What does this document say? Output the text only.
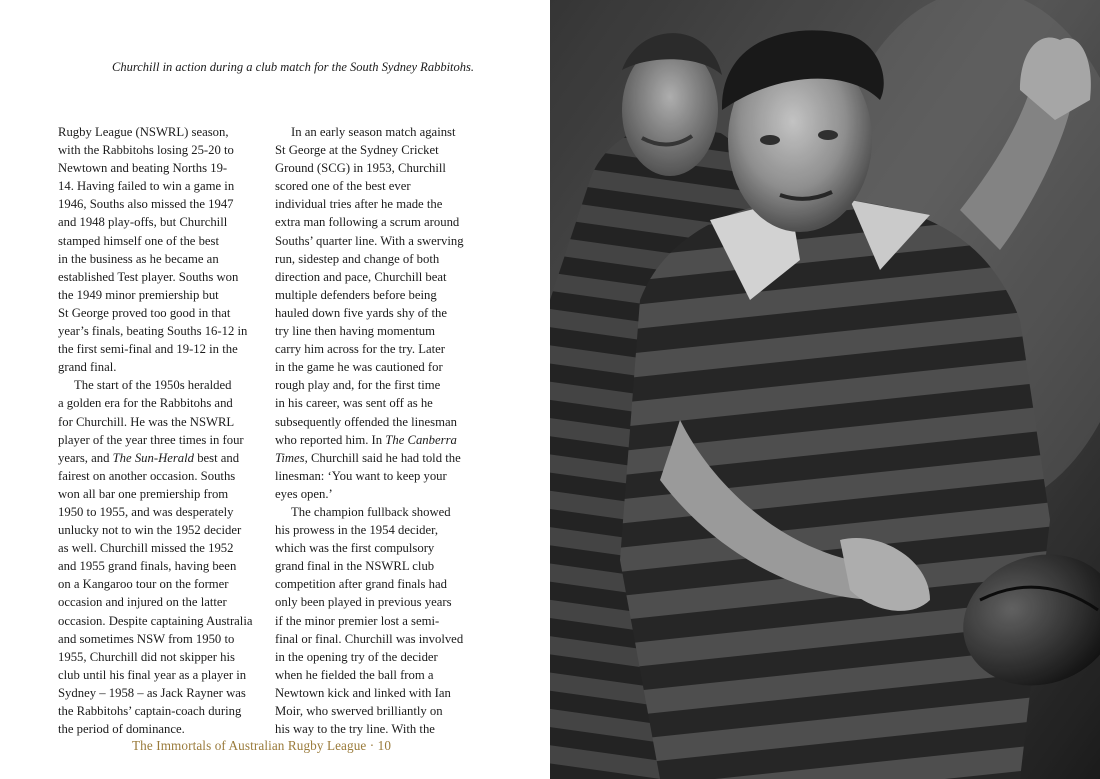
Churchill in action during a club match for the South Sydney Rabbitohs.
Rugby League (NSWRL) season,
with the Rabbitohs losing 25-20 to
Newtown and beating Norths 19-
14. Having failed to win a game in
1946, Souths also missed the 1947
and 1948 play-offs, but Churchill
stamped himself one of the best
in the business as he became an
established Test player. Souths won
the 1949 minor premiership but
St George proved too good in that
year’s finals, beating Souths 16-12 in
the first semi-final and 19-12 in the
grand final.
The start of the 1950s heralded
a golden era for the Rabbitohs and
for Churchill. He was the NSWRL
player of the year three times in four
years, and The Sun-Herald best and
fairest on another occasion. Souths
won all bar one premiership from
1950 to 1955, and was desperately
unlucky not to win the 1952 decider
as well. Churchill missed the 1952
and 1955 grand finals, having been
on a Kangaroo tour on the former
occasion and injured on the latter
occasion. Despite captaining Australia
and sometimes NSW from 1950 to
1955, Churchill did not skipper his
club until his final year as a player in
Sydney – 1958 – as Jack Rayner was
the Rabbitohs’ captain-coach during
the period of dominance.
In an early season match against
St George at the Sydney Cricket
Ground (SCG) in 1953, Churchill
scored one of the best ever
individual tries after he made the
extra man following a scrum around
Souths’ quarter line. With a swerving
run, sidestep and change of both
direction and pace, Churchill beat
multiple defenders before being
hauled down five yards shy of the
try line then having momentum
carry him across for the try. Later
in the game he was cautioned for
rough play and, for the first time
in his career, was sent off as he
subsequently offended the linesman
who reported him. In The Canberra
Times, Churchill said he had told the
linesman: ‘You want to keep your
eyes open.’
The champion fullback showed
his prowess in the 1954 decider,
which was the first compulsory
grand final in the NSWRL club
competition after grand finals had
only been played in previous years
if the minor premier lost a semi-
final or final. Churchill was involved
in the opening try of the decider
when he fielded the ball from a
Newtown kick and linked with Ian
Moir, who swerved brilliantly on
his way to the try line. With the
The Immortals of Australian Rugby League · 10
